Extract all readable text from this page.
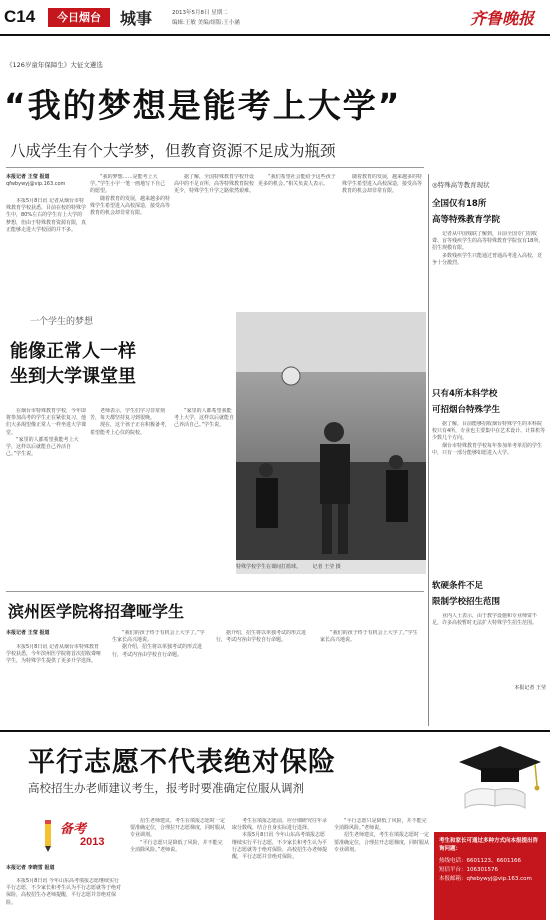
C14	今日烟台	城事	2013年5月8日 星期二
编辑:王敏 美编/组版:王小涵	齐鲁晚报
《126岁童年保障生》大征文遴选
“我的梦想是能考上大学”
八成学生有个大学梦，但教育资源不足成为瓶颈
本报记者 王莹 报道
qfwbywyj@vip.163.com

本报5月8日讯 记者从烟台市特殊教育学校获悉，目前在校的特殊学生中，80%左右的学生有上大学的梦想，但由于特殊教育资源有限，真正能够走进大学校园的并不多。

“我的梦想……是能考上大学。”学生小宇一笔一画地写下自己的愿望。

随着教育的发展，越来越多的特殊学生希望进入高校深造，接受高等教育的机会却非常有限。

据了解，全国特殊教育学校开设高中的不足百所，高等特殊教育院校更少，特殊学生升学之路依然艰难。

“我们希望社会能给予这些孩子更多的机会。”相关负责人表示。

随着教育的发展，越来越多的特殊学生希望进入高校深造，接受高等教育的机会却非常有限。

一个学生的梦想
能像正常人一样
坐到大学课堂里

在烟台市特殊教育学校，今年即将参加高考的学生正在紧张复习，他们大多渴望像正常人一样坐进大学课堂。

“家里的人都希望我能考上大学，这样以后就能自己养活自己。”学生说。

老师表示，学生们学习非常刻苦，每天都坚持复习到很晚。

现在，这个孩子正在积极备考，希望能考上心仪的院校。

“家里的人都希望我能考上大学，这样以后就能自己养活自己。”学生说。

特殊学校学生在课间打篮球。 记者 王莹 摄
滨州医学院将招聋哑学生
本报记者 王莹 报道

本报5月8日讯 记者从烟台市特殊教育学校获悉，今年滨州医学院将首次招收聋哑学生，为特殊学生提供了更多升学选择。

“我们的孩子终于有机会上大学了。”学生家长高兴地说。

据介绍，招生将以单独考试的形式进行，考试内容由学校自行命题。

据介绍，招生将以单独考试的形式进行，考试内容由学校自行命题。

“我们的孩子终于有机会上大学了。”学生家长高兴地说。

◎特殊高等教育现状
全国仅有18所
高等特殊教育学院

记者从中国残联了解到，目前全国专门招收聋、盲等残疾学生的高等特殊教育学院仅有18所，招生规模有限。

多数残疾学生只能通过普通高考进入高校，竞争十分激烈。

只有4所本科学校
可招烟台特殊学生

据了解，目前能够招收烟台特殊学生的本科院校只有4所，专业也主要集中在艺术设计、计算机等少数几个方向。

烟台市特殊教育学校每年参加单考单招的学生中，只有一部分能够如愿进入大学。

软硬条件不足
限制学校招生范围

业内人士表示，由于教学设施和专业师资不足，许多高校暂时无法扩大特殊学生招生范围。

本报记者 王莹
平行志愿不代表绝对保险
高校招生办老师建议考生，报考时要准确定位服从调剂
备考
2013
本报记者 李晓雪 报道

本报5月8日讯 今年山东高考填报志愿继续实行平行志愿，不少家长和考生认为平行志愿就等于绝对保险，高校招生办老师提醒，平行志愿并非绝对保险。

招生老师建议，考生在填报志愿时一定要准确定位，合理拉开志愿梯度，同时服从专业调剂。

“平行志愿只是降低了风险，并不能完全消除风险。”老师说。

考生在填报志愿前，应仔细研究往年录取分数线，结合自身实际进行选择。

本报5月8日讯 今年山东高考填报志愿继续实行平行志愿，不少家长和考生认为平行志愿就等于绝对保险，高校招生办老师提醒，平行志愿并非绝对保险。

“平行志愿只是降低了风险，并不能完全消除风险。”老师说。

招生老师建议，考生在填报志愿时一定要准确定位，合理拉开志愿梯度，同时服从专业调剂。

考生和家长可通过多种方式向本报提出咨询问题：
热线电话：6601123、6601166
短信平台：106301576
本报邮箱：qfwbywyj@vip.163.com
